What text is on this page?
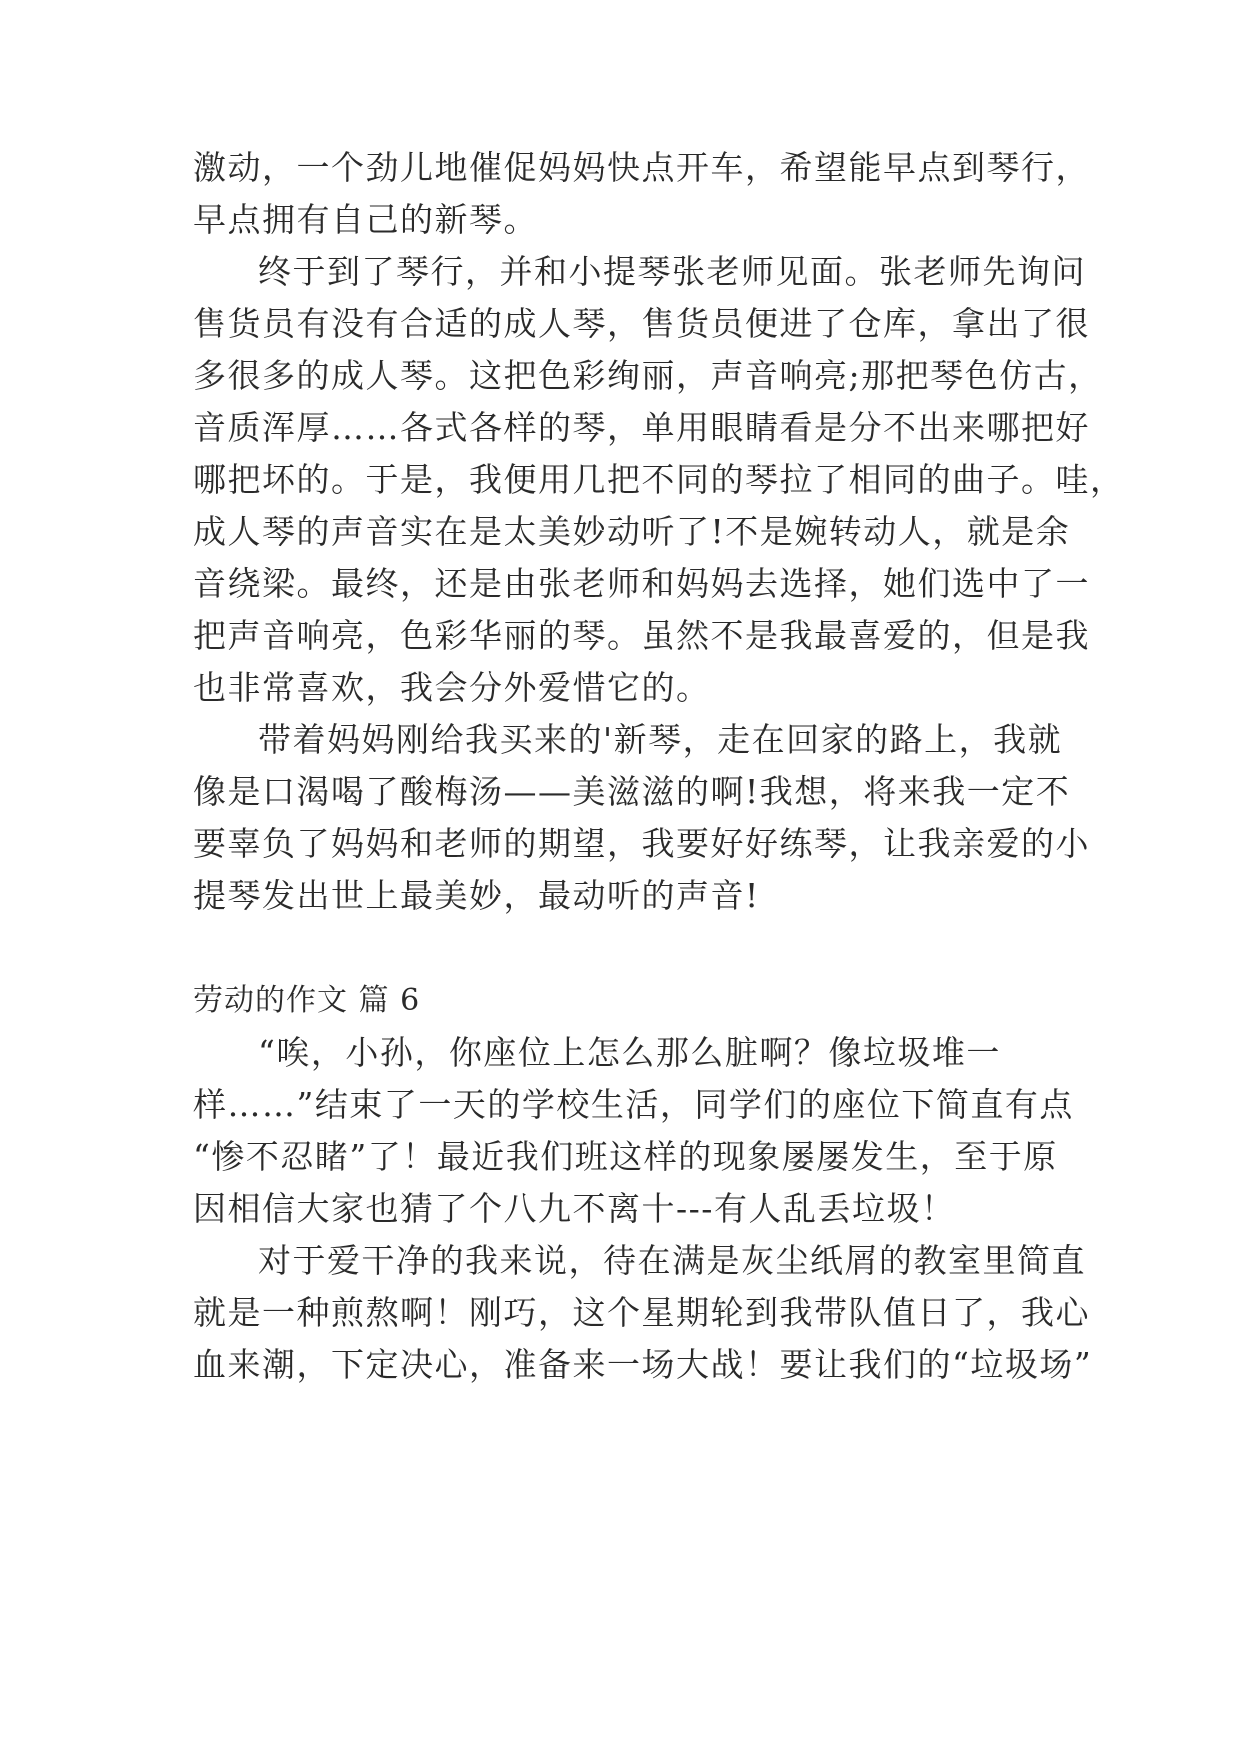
激动，一个劲儿地催促妈妈快点开车，希望能早点到琴行，
早点拥有自己的新琴。
终于到了琴行，并和小提琴张老师见面。张老师先询问
售货员有没有合适的成人琴，售货员便进了仓库，拿出了很
多很多的成人琴。这把色彩绚丽，声音响亮;那把琴色仿古，
音质浑厚……各式各样的琴，单用眼睛看是分不出来哪把好
哪把坏的。于是，我便用几把不同的琴拉了相同的曲子。哇，
成人琴的声音实在是太美妙动听了!不是婉转动人，就是余
音绕梁。最终，还是由张老师和妈妈去选择，她们选中了一
把声音响亮，色彩华丽的琴。虽然不是我最喜爱的，但是我
也非常喜欢，我会分外爱惜它的。
带着妈妈刚给我买来的'新琴，走在回家的路上，我就
像是口渴喝了酸梅汤——美滋滋的啊!我想，将来我一定不
要辜负了妈妈和老师的期望，我要好好练琴，让我亲爱的小
提琴发出世上最美妙，最动听的声音!
劳动的作文 篇 6
“唉，小孙，你座位上怎么那么脏啊？像垃圾堆一
样……”结束了一天的学校生活，同学们的座位下简直有点
“惨不忍睹”了！最近我们班这样的现象屡屡发生，至于原
因相信大家也猜了个八九不离十---有人乱丢垃圾！
对于爱干净的我来说，待在满是灰尘纸屑的教室里简直
就是一种煎熬啊！刚巧，这个星期轮到我带队值日了，我心
血来潮，下定决心，准备来一场大战！要让我们的“垃圾场”
